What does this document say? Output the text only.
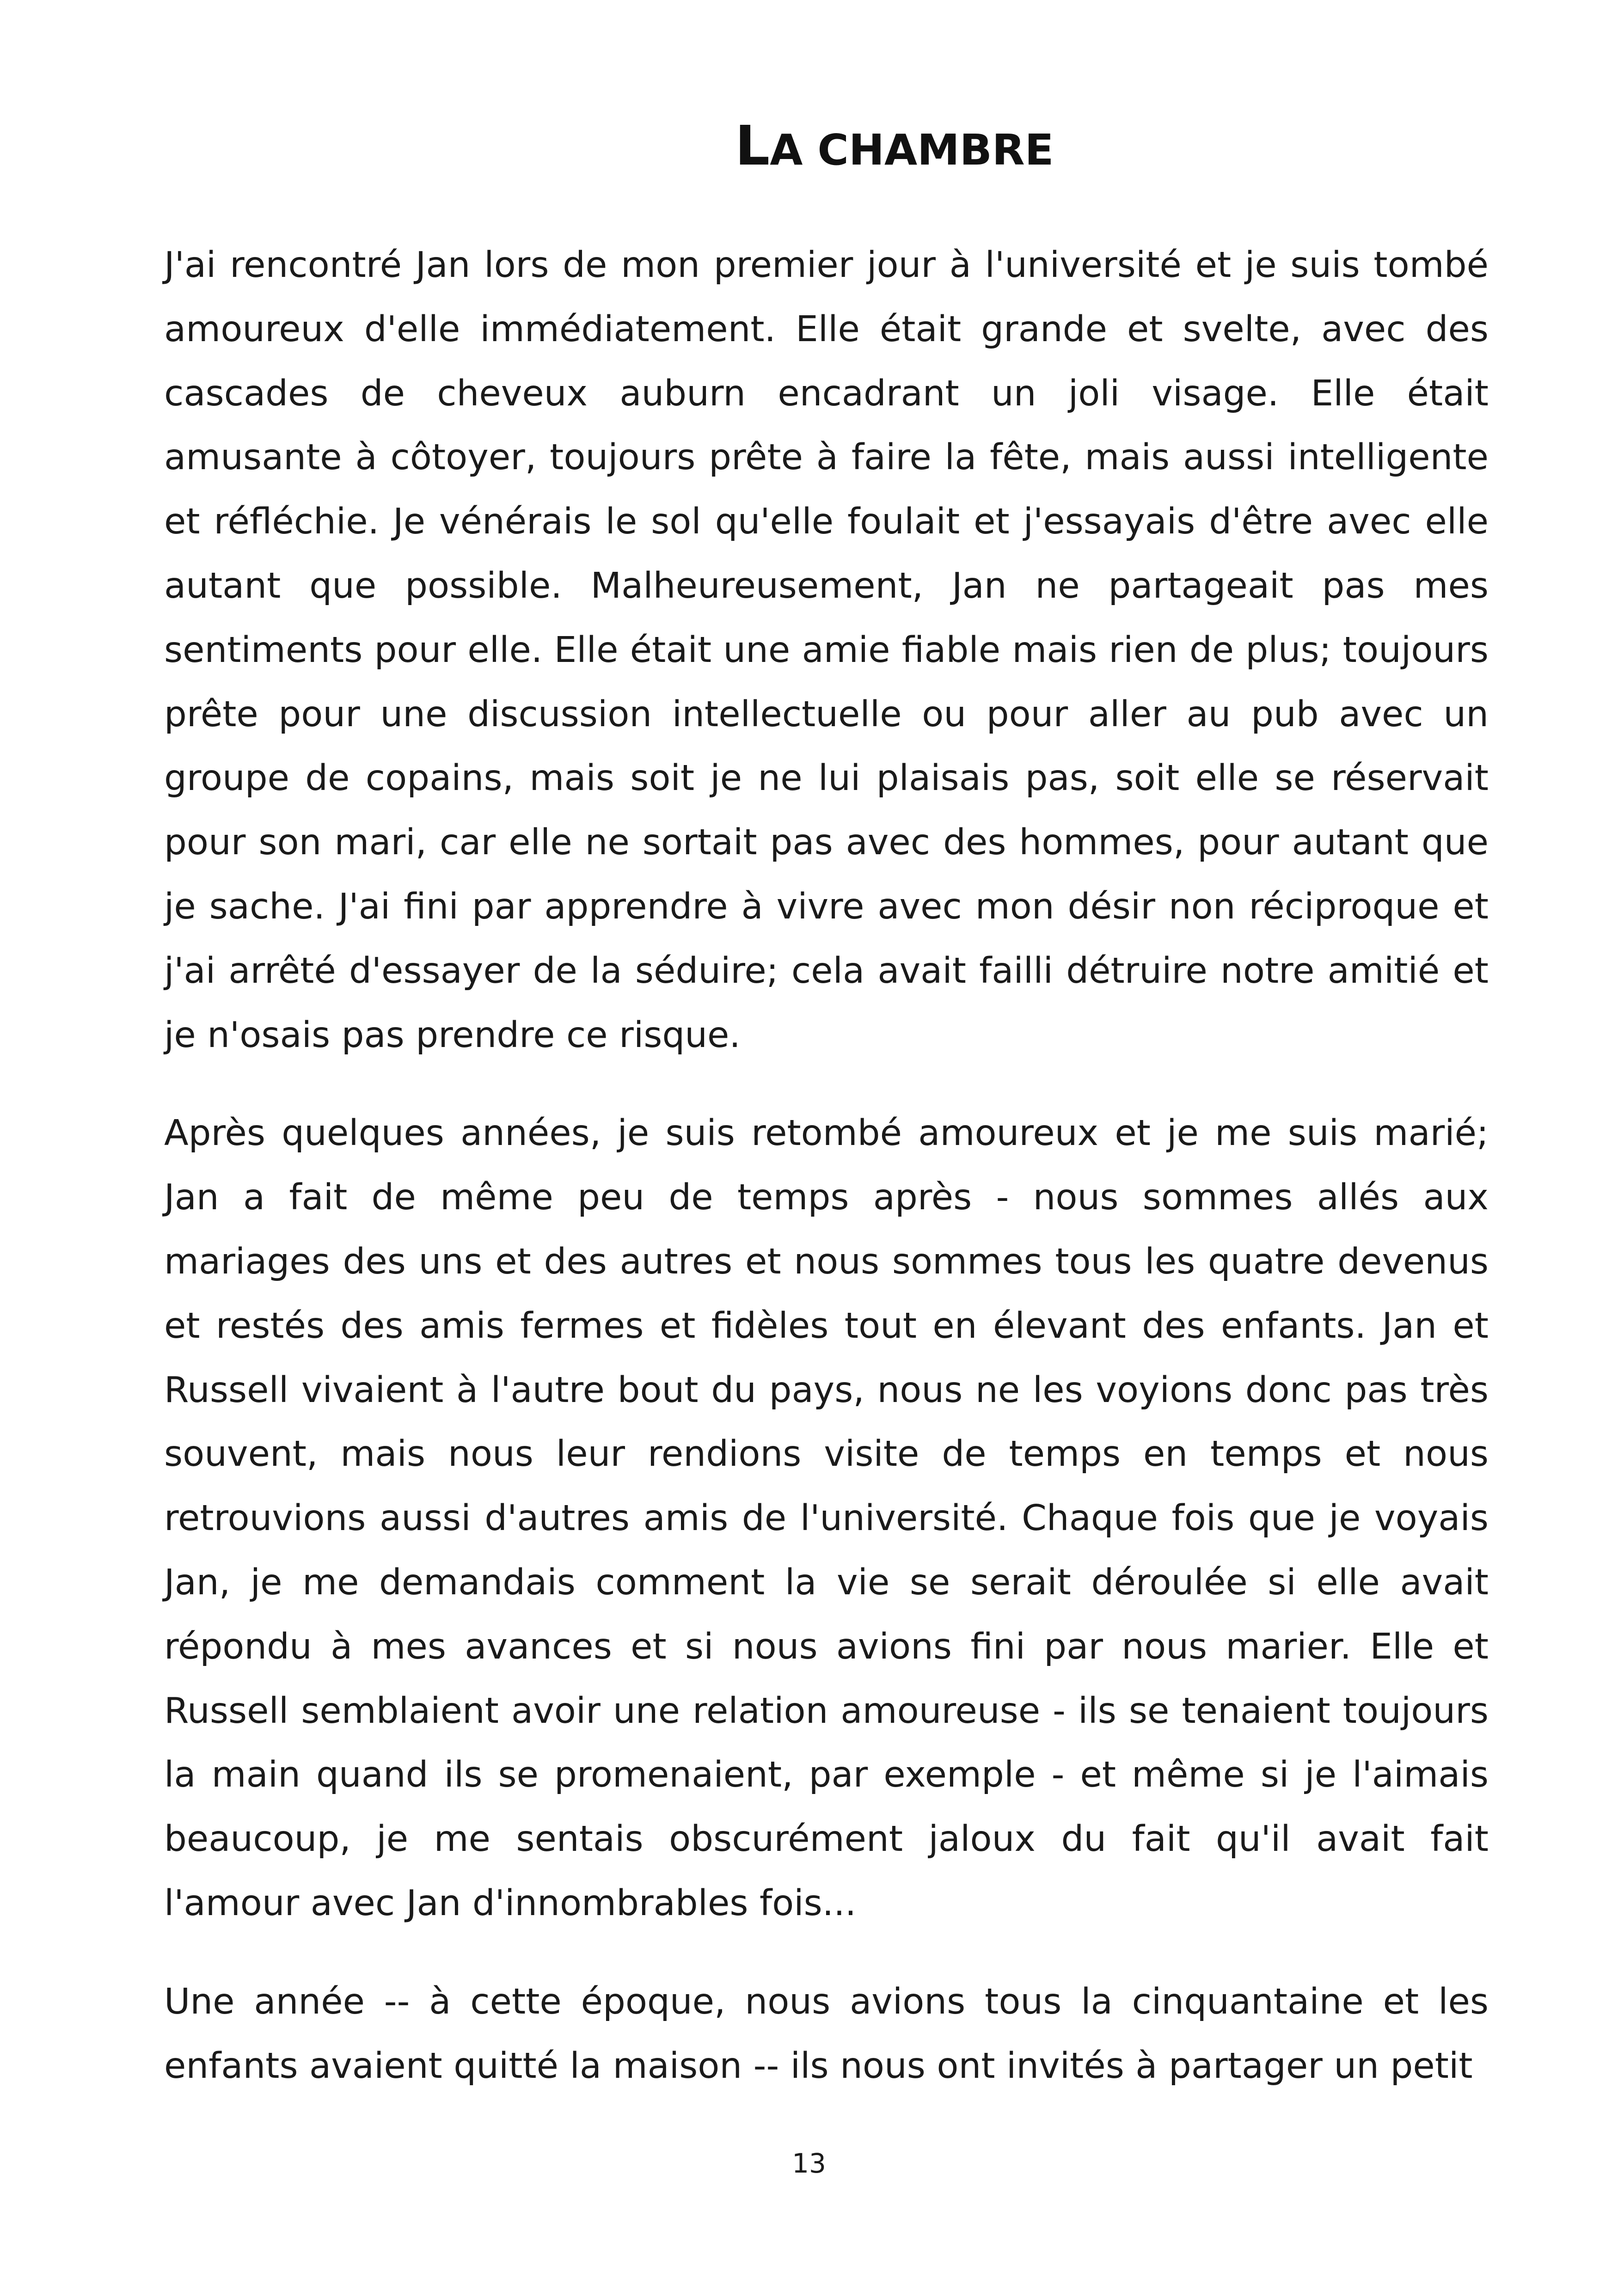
LA CHAMBRE

J'ai rencontré Jan lors de mon premier jour à l'université et je suis tombé amoureux d'elle immédiatement. Elle était grande et svelte, avec des cascades de cheveux auburn encadrant un joli visage. Elle était amusante à côtoyer, toujours prête à faire la fête, mais aussi intelligente et réfléchie. Je vénérais le sol qu'elle foulait et j'essayais d'être avec elle autant que possible. Malheureusement, Jan ne partageait pas mes sentiments pour elle. Elle était une amie fiable mais rien de plus; toujours prête pour une discussion intellectuelle ou pour aller au pub avec un groupe de copains, mais soit je ne lui plaisais pas, soit elle se réservait pour son mari, car elle ne sortait pas avec des hommes, pour autant que je sache. J'ai fini par apprendre à vivre avec mon désir non réciproque et j'ai arrêté d'essayer de la séduire; cela avait failli détruire notre amitié et je n'osais pas prendre ce risque.

Après quelques années, je suis retombé amoureux et je me suis marié; Jan a fait de même peu de temps après - nous sommes allés aux mariages des uns et des autres et nous sommes tous les quatre devenus et restés des amis fermes et fidèles tout en élevant des enfants. Jan et Russell vivaient à l'autre bout du pays, nous ne les voyions donc pas très souvent, mais nous leur rendions visite de temps en temps et nous retrouvions aussi d'autres amis de l'université. Chaque fois que je voyais Jan, je me demandais comment la vie se serait déroulée si elle avait répondu à mes avances et si nous avions fini par nous marier. Elle et Russell semblaient avoir une relation amoureuse - ils se tenaient toujours la main quand ils se promenaient, par exemple - et même si je l'aimais beaucoup, je me sentais obscurément jaloux du fait qu'il avait fait l'amour avec Jan d'innombrables fois...

Une année -- à cette époque, nous avions tous la cinquantaine et les enfants avaient quitté la maison -- ils nous ont invités à partager un petit

13
